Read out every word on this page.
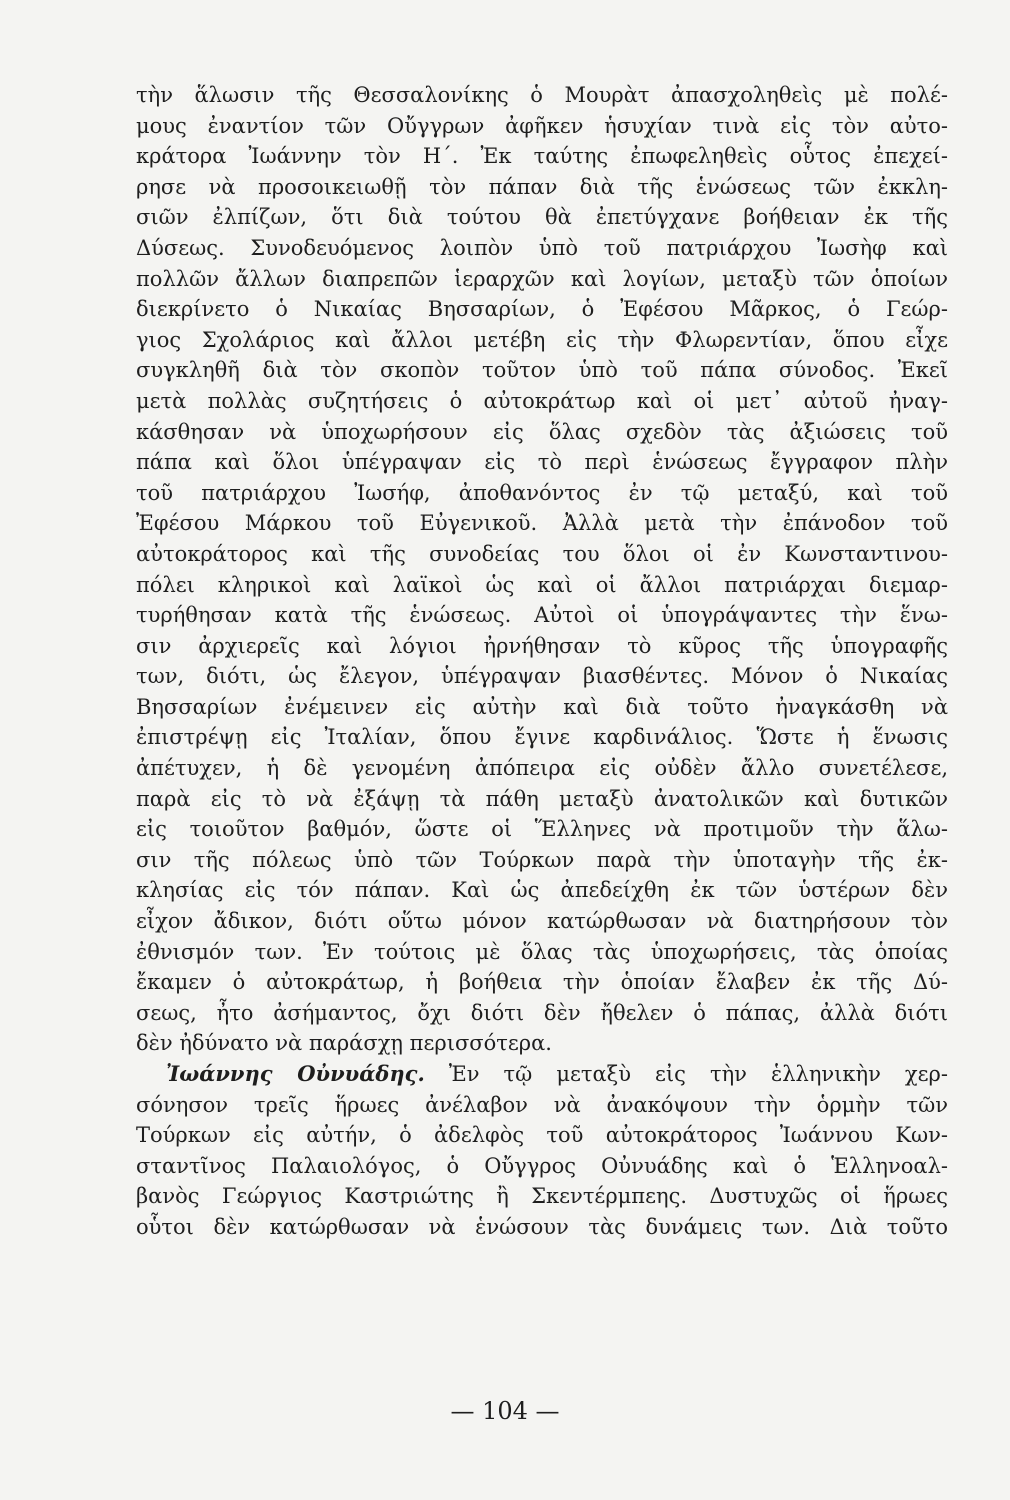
τὴν ἅλωσιν τῆς Θεσσαλονίκης ὁ Μουρὰτ ἀπασχοληθεὶς μὲ πολέ-
μους ἐναντίον τῶν Οὔγγρων ἀφῆκεν ἡσυχίαν τινὰ εἰς τὸν αὐτο-
κράτορα Ἰωάννην τὸν Η΄. Ἐκ ταύτης ἐπωφεληθεὶς οὗτος ἐπεχεί-
ρησε νὰ προσοικειωθῇ τὸν πάπαν διὰ τῆς ἑνώσεως τῶν ἐκκλη-
σιῶν ἐλπίζων, ὅτι διὰ τούτου θὰ ἐπετύγχανε βοήθειαν ἐκ τῆς
Δύσεως. Συνοδευόμενος λοιπὸν ὑπὸ τοῦ πατριάρχου Ἰωσὴφ καὶ
πολλῶν ἄλλων διαπρεπῶν ἱεραρχῶν καὶ λογίων, μεταξὺ τῶν ὁποίων
διεκρίνετο ὁ Νικαίας Βησσαρίων, ὁ Ἐφέσου Μᾶρκος, ὁ Γεώρ-
γιος Σχολάριος καὶ ἄλλοι μετέβη εἰς τὴν Φλωρεντίαν, ὅπου εἶχε
συγκληθῆ διὰ τὸν σκοπὸν τοῦτον ὑπὸ τοῦ πάπα σύνοδος. Ἐκεῖ
μετὰ πολλὰς συζητήσεις ὁ αὐτοκράτωρ καὶ οἱ μετ᾿ αὐτοῦ ἠναγ-
κάσθησαν νὰ ὑποχωρήσουν εἰς ὅλας σχεδὸν τὰς ἀξιώσεις τοῦ
πάπα καὶ ὅλοι ὑπέγραψαν εἰς τὸ περὶ ἑνώσεως ἔγγραφον πλὴν
τοῦ πατριάρχου Ἰωσήφ, ἀποθανόντος ἐν τῷ μεταξύ, καὶ τοῦ
Ἐφέσου Μάρκου τοῦ Εὐγενικοῦ. Ἀλλὰ μετὰ τὴν ἐπάνοδον τοῦ
αὐτοκράτορος καὶ τῆς συνοδείας του ὅλοι οἱ ἐν Κωνσταντινου-
πόλει κληρικοὶ καὶ λαϊκοὶ ὡς καὶ οἱ ἄλλοι πατριάρχαι διεμαρ-
τυρήθησαν κατὰ τῆς ἑνώσεως. Αὐτοὶ οἱ ὑπογράψαντες τὴν ἕνω-
σιν ἀρχιερεῖς καὶ λόγιοι ἠρνήθησαν τὸ κῦρος τῆς ὑπογραφῆς
των, διότι, ὡς ἔλεγον, ὑπέγραψαν βιασθέντες. Μόνον ὁ Νικαίας
Βησσαρίων ἐνέμεινεν εἰς αὐτὴν καὶ διὰ τοῦτο ἠναγκάσθη νὰ
ἐπιστρέψῃ εἰς Ἰταλίαν, ὅπου ἔγινε καρδινάλιος. Ὥστε ἡ ἕνωσις
ἀπέτυχεν, ἡ δὲ γενομένη ἀπόπειρα εἰς οὐδὲν ἄλλο συνετέλεσε,
παρὰ εἰς τὸ νὰ ἐξάψῃ τὰ πάθη μεταξὺ ἀνατολικῶν καὶ δυτικῶν
εἰς τοιοῦτον βαθμόν, ὥστε οἱ Ἕλληνες νὰ προτιμοῦν τὴν ἅλω-
σιν τῆς πόλεως ὑπὸ τῶν Τούρκων παρὰ τὴν ὑποταγὴν τῆς ἐκ-
κλησίας εἰς τόν πάπαν. Καὶ ὡς ἀπεδείχθη ἐκ τῶν ὑστέρων δὲν
εἶχον ἄδικον, διότι οὕτω μόνον κατώρθωσαν νὰ διατηρήσουν τὸν
ἐθνισμόν των. Ἐν τούτοις μὲ ὅλας τὰς ὑποχωρήσεις, τὰς ὁποίας
ἔκαμεν ὁ αὐτοκράτωρ, ἡ βοήθεια τὴν ὁποίαν ἔλαβεν ἐκ τῆς Δύ-
σεως, ἦτο ἀσήμαντος, ὄχι διότι δὲν ἤθελεν ὁ πάπας, ἀλλὰ διότι
δὲν ἠδύνατο νὰ παράσχῃ περισσότερα.
Ἰωάννης Οὐνυάδης. Ἐν τῷ μεταξὺ εἰς τὴν ἑλληνικὴν χερ-
σόνησον τρεῖς ἥρωες ἀνέλαβον νὰ ἀνακόψουν τὴν ὁρμὴν τῶν
Τούρκων εἰς αὐτήν, ὁ ἀδελφὸς τοῦ αὐτοκράτορος Ἰωάννου Κων-
σταντῖνος Παλαιολόγος, ὁ Οὔγγρος Οὐνυάδης καὶ ὁ Ἑλληνοαλ-
βανὸς Γεώργιος Καστριώτης ἢ Σκεντέρμπεης. Δυστυχῶς οἱ ἥρωες
οὗτοι δὲν κατώρθωσαν νὰ ἑνώσουν τὰς δυνάμεις των. Διὰ τοῦτο
— 104 —
